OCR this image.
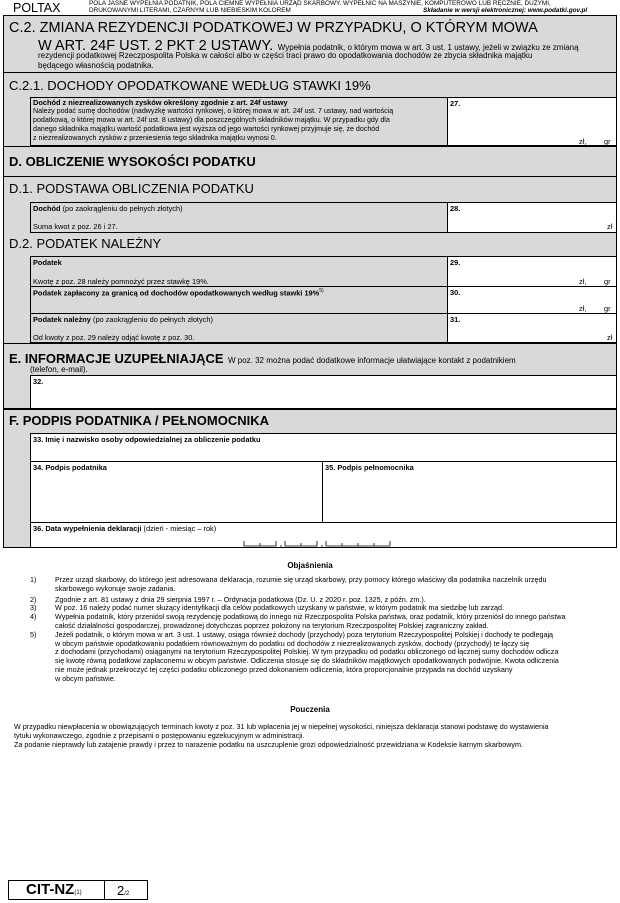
POLTAX	POLA JASNE WYPEŁNIA PODATNIK, POLA CIEMNE WYPEŁNIA URZĄD SKARBOWY. WYPEŁNIĆ NA MASZYNIE, KOMPUTEROWO LUB RĘCZNIE, DUŻYMI,
DRUKOWANYMI LITERAMI, CZARNYM LUB NIEBIESKIM KOLOREM	Składanie w wersji elektronicznej: www.podatki.gov.pl
C.2. ZMIANA REZYDENCJI PODATKOWEJ W PRZYPADKU, O KTÓRYM MOWA
W ART. 24F UST. 2 PKT 2 USTAWY. Wypełnia podatnik, o którym mowa w art. 3 ust. 1 ustawy, jeżeli w związku ze zmianą
rezydencji podatkowej Rzeczpospolita Polska w całości albo w części traci prawo do opodatkowania dochodów ze zbycia składnika majątku
będącego własnością podatnika.
C.2.1. DOCHODY OPODATKOWANE WEDŁUG STAWKI 19%
Dochód z niezrealizowanych zysków określony zgodnie z art. 24f ustawy
Należy podać sumę dochodów (nadwyżkę wartości rynkowej, o której mowa w art. 24f ust. 7 ustawy, nad wartością
podatkową, o której mowa w art. 24f ust. 8 ustawy) dla poszczególnych składników majątku. W przypadku gdy dla
danego składnika majątku wartość podatkowa jest wyższa od jego wartości rynkowej przyjmuje się, że dochód
z niezrealizowanych zysków z przeniesienia tego składnika majątku wynosi 0.
27.
zł, gr
D. OBLICZENIE WYSOKOŚCI PODATKU
D.1. PODSTAWA OBLICZENIA PODATKU
Dochód (po zaokrągleniu do pełnych złotych)
Suma kwot z poz. 26 i 27.
28.
zł
D.2. PODATEK NALEŻNY
Podatek
Kwotę z poz. 28 należy pomnożyć przez stawkę 19%.
29.
zł, gr
Podatek zapłacony za granicą od dochodów opodatkowanych według stawki 19%$^{5)}$	30.
zł, gr
Podatek należny (po zaokrągleniu do pełnych złotych)
Od kwoty z poz. 29 należy odjąć kwotę z poz. 30.
31.
zł
E. INFORMACJE UZUPEŁNIAJĄCE W poz. 32 można podać dodatkowe informacje ułatwiające kontakt z podatnikiem
(telefon, e-mail).
32.
F. PODPIS PODATNIKA / PEŁNOMOCNIKA
33. Imię i nazwisko osoby odpowiedzialnej za obliczenie podatku
34. Podpis podatnika	35. Podpis pełnomocnika
36. Data wypełnienia deklaracji (dzień - miesiąc – rok)
Objaśnienia
1)	Przez urząd skarbowy, do którego jest adresowana deklaracja, rozumie się urząd skarbowy, przy pomocy którego właściwy dla podatnika naczelnik urzędu
skarbowego wykonuje swoje zadania.
2)	Zgodnie z art. 81 ustawy z dnia 29 sierpnia 1997 r. – Ordynacja podatkowa (Dz. U. z 2020 r. poz. 1325, z późn. zm.).
3)	W poz. 16 należy podać numer służący identyfikacji dla celów podatkowych uzyskany w państwie, w którym podatnik ma siedzibę lub zarząd.
4)	Wypełnia podatnik, który przeniósł swoją rezydencję podatkową do innego niż Rzeczpospolita Polska państwa, oraz podatnik, który przeniósł do innego państwa
całość działalności gospodarczej, prowadzonej dotychczas poprzez położony na terytorium Rzeczpospolitej Polskiej zagraniczny zakład.
5)	Jeżeli podatnik, o którym mowa w art. 3 ust. 1 ustawy, osiąga również dochody (przychody) poza terytorium Rzeczypospolitej Polskiej i dochody te podlegają
w obcym państwie opodatkowaniu podatkiem równoważnym do podatku od dochodów z niezrealizowanych zysków, dochody (przychody) te łączy się
z dochodami (przychodami) osiąganymi na terytorium Rzeczypospolitej Polskiej. W tym przypadku od podatku obliczonego od łącznej sumy dochodów odlicza
się kwotę równą podatkowi zapłaconemu w obcym państwie. Odliczenia stosuje się do składników majątkowych opodatkowanych podwójnie. Kwota odliczenia
nie może jednak przekroczyć tej części podatku obliczonego przed dokonaniem odliczenia, która proporcjonalnie przypada na dochód uzyskany
w obcym państwie.
Pouczenia
W przypadku niewpłacenia w obowiązujących terminach kwoty z poz. 31 lub wpłacenia jej w niepełnej wysokości, niniejsza deklaracja stanowi podstawę do wystawienia
tytułu wykonawczego, zgodnie z przepisami o postępowaniu egzekucyjnym w administracji.
Za podanie nieprawdy lub zatajenie prawdy i przez to narażenie podatku na uszczuplenie grozi odpowiedzialność przewidziana w Kodeksie karnym skarbowym.
CIT-NZ(1)	2/2
